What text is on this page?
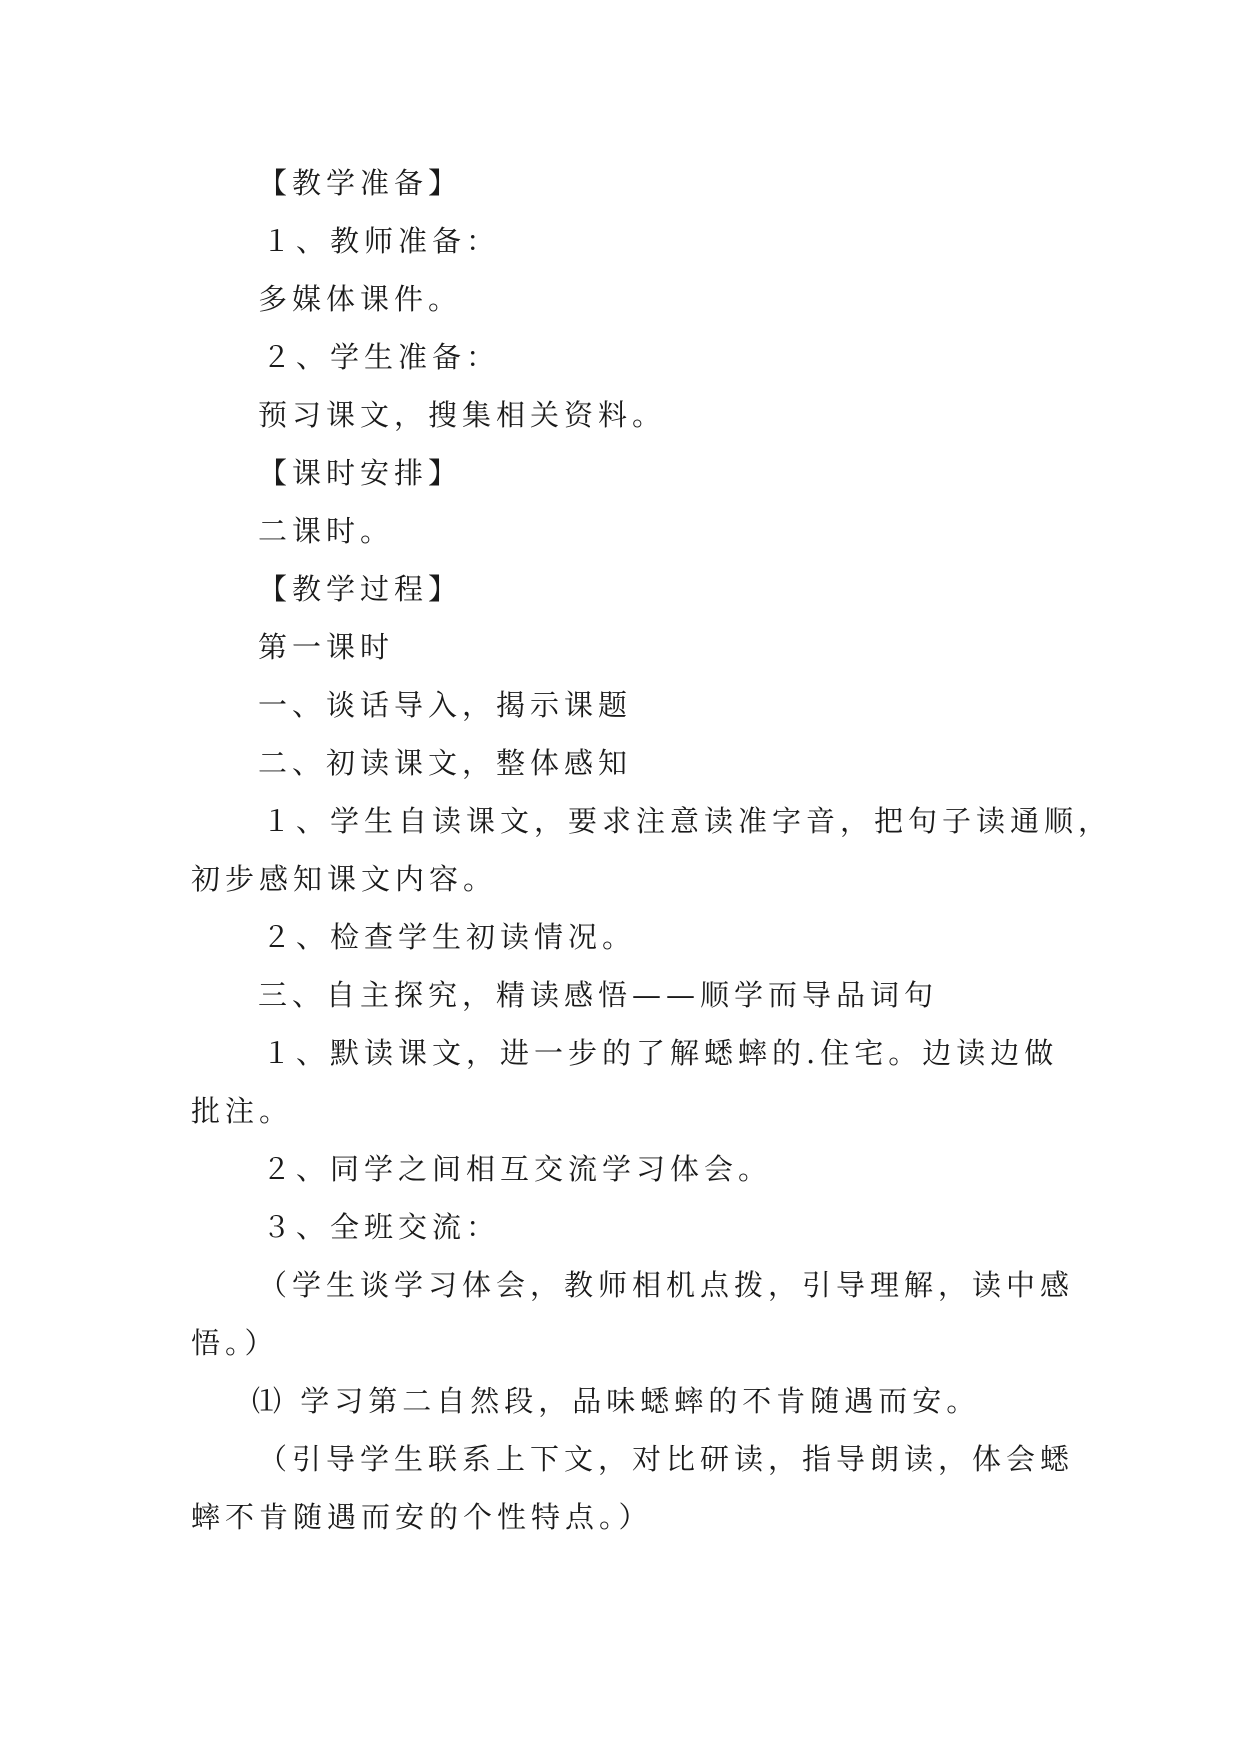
【教学准备】

１、教师准备：

多媒体课件。

２、学生准备：

预习课文，搜集相关资料。

【课时安排】

二课时。

【教学过程】

第一课时

一、谈话导入，揭示课题

二、初读课文，整体感知

１、学生自读课文，要求注意读准字音，把句子读通顺，

初步感知课文内容。

２、检查学生初读情况。

三、自主探究，精读感悟——顺学而导品词句

１、默读课文，进一步的了解蟋蟀的.住宅。边读边做

批注。

２、同学之间相互交流学习体会。

３、全班交流：

（学生谈学习体会，教师相机点拨，引导理解，读中感

悟。）

⑴ 学习第二自然段，品味蟋蟀的不肯随遇而安。

（引导学生联系上下文，对比研读，指导朗读，体会蟋

蟀不肯随遇而安的个性特点。）
